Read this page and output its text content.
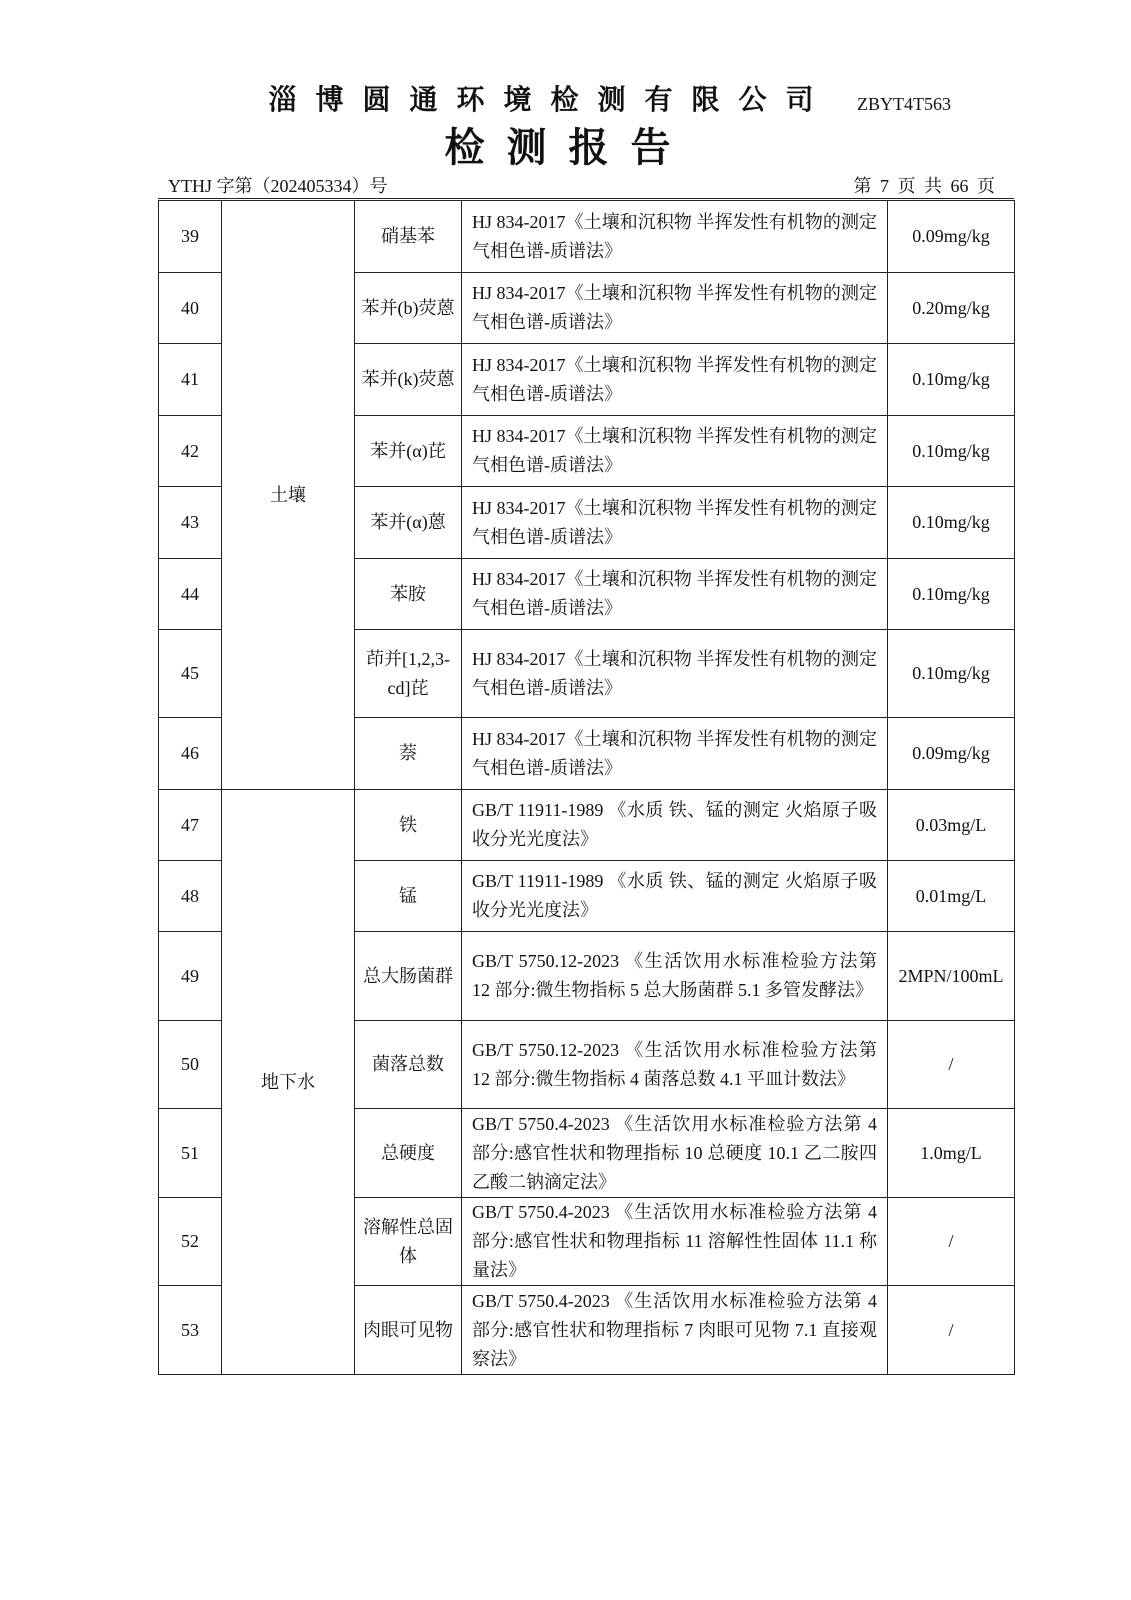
淄博圆通环境检测有限公司	ZBYT4T563
检测报告
YTHJ 字第（202405334）号	第 7 页 共 66 页
39	土壤	硝基苯	HJ 834-2017《土壤和沉积物 半挥发性有机物的测定 气相色谱-质谱法》	0.09mg/kg
40		苯并(b)荧蒽	HJ 834-2017《土壤和沉积物 半挥发性有机物的测定 气相色谱-质谱法》	0.20mg/kg
41		苯并(k)荧蒽	HJ 834-2017《土壤和沉积物 半挥发性有机物的测定 气相色谱-质谱法》	0.10mg/kg
42		苯并(α)芘	HJ 834-2017《土壤和沉积物 半挥发性有机物的测定 气相色谱-质谱法》	0.10mg/kg
43		苯并(α)蒽	HJ 834-2017《土壤和沉积物 半挥发性有机物的测定 气相色谱-质谱法》	0.10mg/kg
44		苯胺	HJ 834-2017《土壤和沉积物 半挥发性有机物的测定 气相色谱-质谱法》	0.10mg/kg
45		茚并[1,2,3-cd]芘	HJ 834-2017《土壤和沉积物 半挥发性有机物的测定 气相色谱-质谱法》	0.10mg/kg
46		萘	HJ 834-2017《土壤和沉积物 半挥发性有机物的测定 气相色谱-质谱法》	0.09mg/kg
47	地下水	铁	GB/T 11911-1989 《水质 铁、锰的测定 火焰原子吸收分光光度法》	0.03mg/L
48		锰	GB/T 11911-1989 《水质 铁、锰的测定 火焰原子吸收分光光度法》	0.01mg/L
49		总大肠菌群	GB/T 5750.12-2023 《生活饮用水标准检验方法第 12 部分:微生物指标 5 总大肠菌群 5.1 多管发酵法》	2MPN/100mL
50		菌落总数	GB/T 5750.12-2023 《生活饮用水标准检验方法第 12 部分:微生物指标 4 菌落总数 4.1 平皿计数法》	/
51		总硬度	GB/T 5750.4-2023 《生活饮用水标准检验方法第 4 部分:感官性状和物理指标 10 总硬度 10.1 乙二胺四乙酸二钠滴定法》	1.0mg/L
52		溶解性总固体	GB/T 5750.4-2023 《生活饮用水标准检验方法第 4 部分:感官性状和物理指标 11 溶解性性固体 11.1 称量法》	/
53		肉眼可见物	GB/T 5750.4-2023 《生活饮用水标准检验方法第 4 部分:感官性状和物理指标 7 肉眼可见物 7.1 直接观察法》	/
